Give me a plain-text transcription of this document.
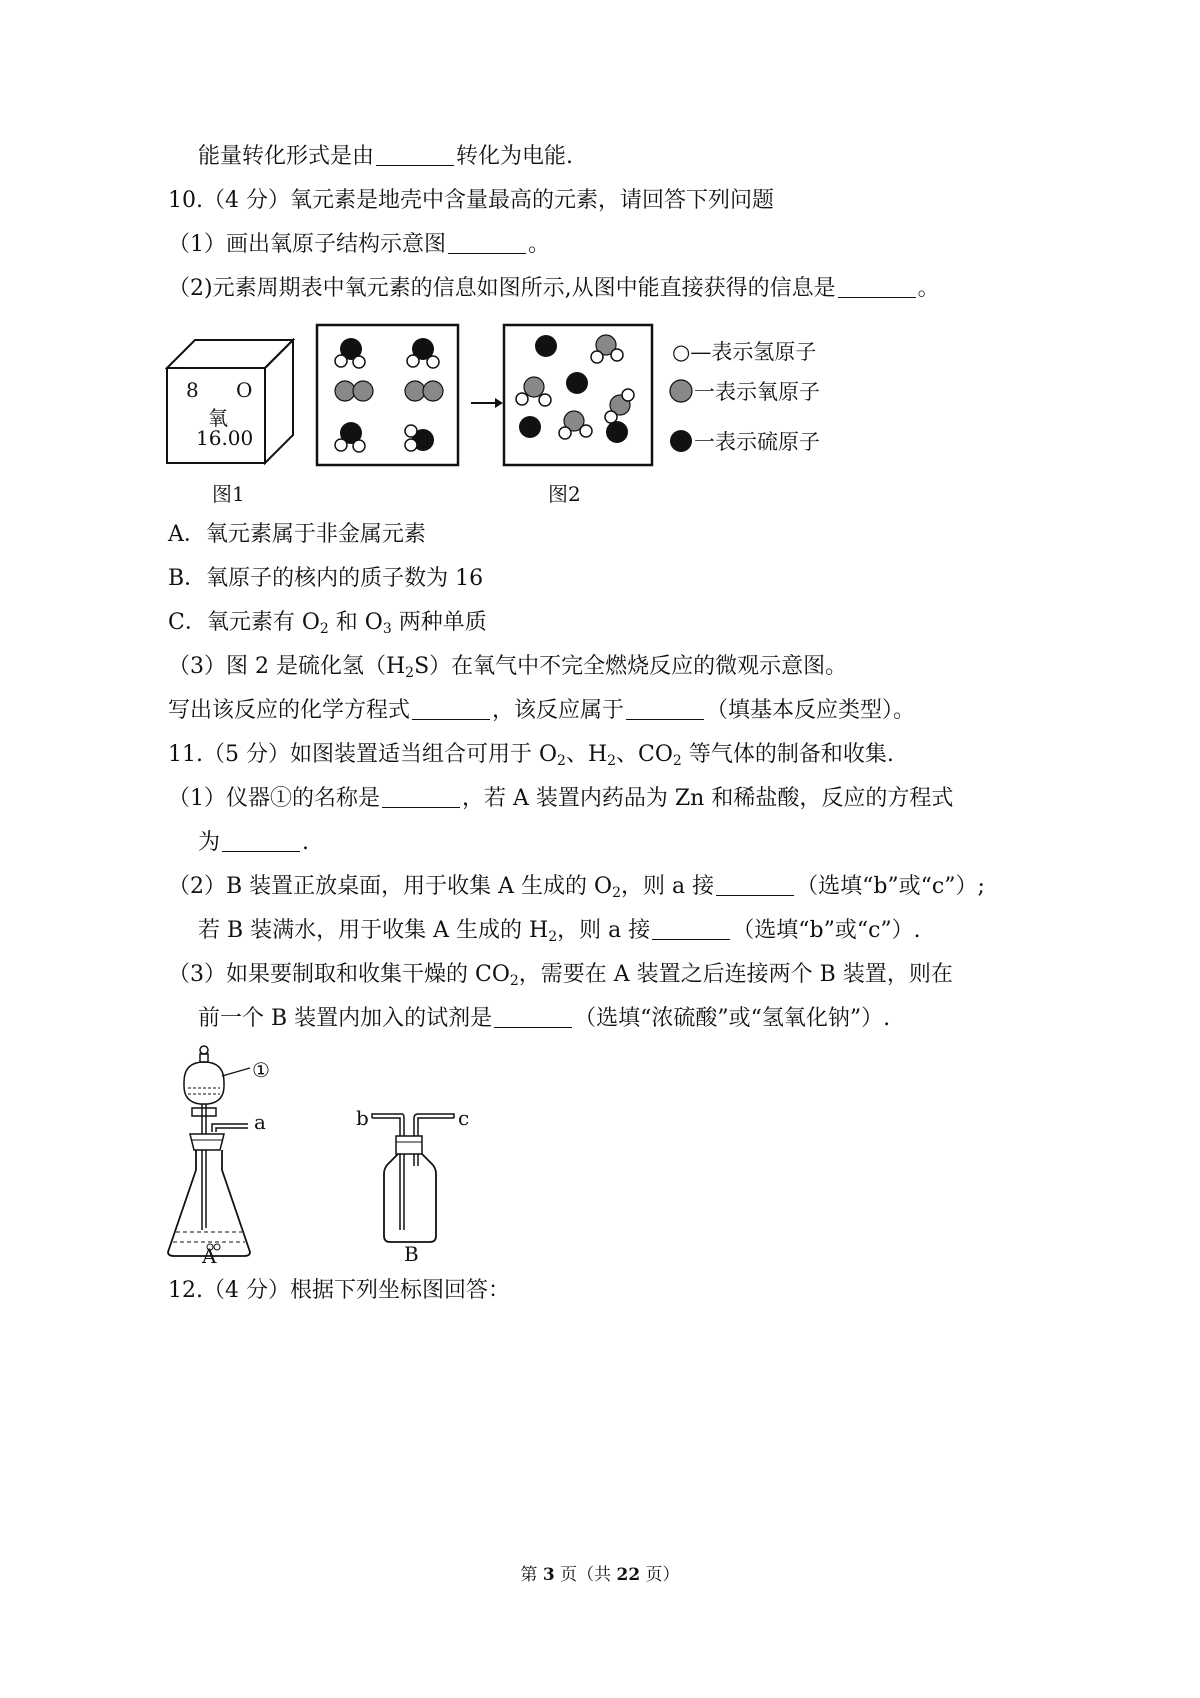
能量转化形式是由	转化为电能.
10.（4 分）氧元素是地壳中含量最高的元素，请回答下列问题
（1）画出氧原子结构示意图	。
（2)元素周期表中氧元素的信息如图所示,从图中能直接获得的信息是	。
8 O
氧
16.00
图1	图2
○—表示氢原子
一表示氧原子
一表示硫原子
A．氧元素属于非金属元素
B．氧原子的核内的质子数为 16
C．氧元素有 $O_2$ 和 $O_3$ 两种单质
（3）图 2 是硫化氢$(H_2S)$在氧气中不完全燃烧反应的微观示意图。
写出该反应的化学方程式	，该反应属于	（填基本反应类型）。
11.（5 分）如图装置适当组合可用于 $O_2$、$H_2$、$CO_2$ 等气体的制备和收集.
（1）仪器①的名称是	，若 A 装置内药品为 Zn 和稀盐酸，反应的方程式
为	.
（2）B 装置正放桌面，用于收集 A 生成的 $O_2$，则 a 接	（选填“b”或“c”）;
若 B 装满水，用于收集 A 生成的 $H_2$，则 a 接	（选填“b”或“c”）.
（3）如果要制取和收集干燥的 $CO_2$，需要在 A 装置之后连接两个 B 装置，则在
前一个 B 装置内加入的试剂是	（选填“浓硫酸”或“氢氧化钠”）.
①
a
A
b	c
B
12.（4 分）根据下列坐标图回答：
第 3 页（共 22 页）
